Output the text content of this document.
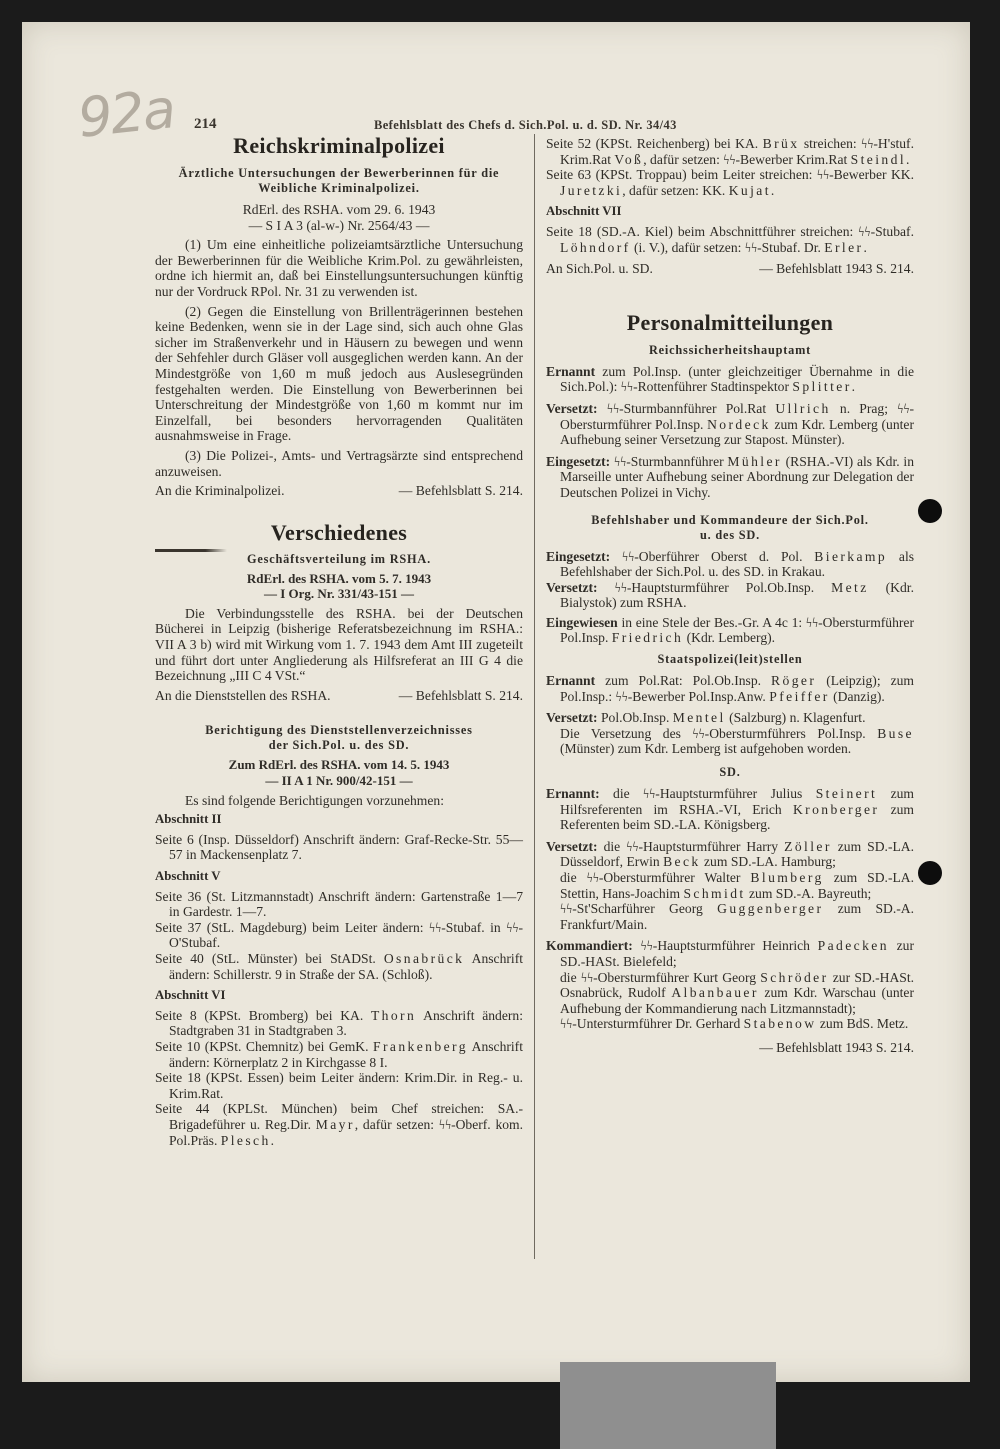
92a 214	Befehlsblatt des Chefs d. Sich.Pol. u. d. SD. Nr. 34/43
Reichskriminalpolizei
Ärztliche Untersuchungen der Bewerberinnen für die
Weibliche Kriminalpolizei.
RdErl. des RSHA. vom 29. 6. 1943
— S I A 3 (al-w-) Nr. 2564/43 —

(1) Um eine einheitliche polizeiamtsärztliche Untersuchung der Bewerberinnen für die Weibliche Krim.Pol. zu gewährleisten, ordne ich hiermit an, daß bei Einstellungsuntersuchungen künftig nur der Vordruck RPol. Nr. 31 zu verwenden ist.

(2) Gegen die Einstellung von Brillenträgerinnen bestehen keine Bedenken, wenn sie in der Lage sind, sich auch ohne Glas sicher im Straßenverkehr und in Häusern zu bewegen und wenn der Sehfehler durch Gläser voll ausgeglichen werden kann. An der Mindestgröße von 1,60 m muß jedoch aus Auslesegründen festgehalten werden. Die Einstellung von Bewerberinnen bei Unterschreitung der Mindestgröße von 1,60 m kommt nur im Einzelfall, bei besonders hervorragenden Qualitäten ausnahmsweise in Frage.

(3) Die Polizei-, Amts- und Vertragsärzte sind entsprechend anzuweisen.

An die Kriminalpolizei.	— Befehlsblatt S. 214.
Verschiedenes
Geschäftsverteilung im RSHA.
RdErl. des RSHA. vom 5. 7. 1943
— I Org. Nr. 331/43-151 —

Die Verbindungsstelle des RSHA. bei der Deutschen Bücherei in Leipzig (bisherige Referatsbezeichnung im RSHA.: VII A 3 b) wird mit Wirkung vom 1. 7. 1943 dem Amt III zugeteilt und führt dort unter Angliederung als Hilfsreferat an III G 4 die Bezeichnung „III C 4 VSt.“

An die Dienststellen des RSHA.	— Befehlsblatt S. 214.
Berichtigung des Dienststellenverzeichnisses
der Sich.Pol. u. des SD.
Zum RdErl. des RSHA. vom 14. 5. 1943
— II A 1 Nr. 900/42-151 —

Es sind folgende Berichtigungen vorzunehmen:

Abschnitt II

Seite 6 (Insp. Düsseldorf) Anschrift ändern: Graf-Recke-Str. 55—57 in Mackensenplatz 7.

Abschnitt V

Seite 36 (St. Litzmannstadt) Anschrift ändern: Gartenstraße 1—7 in Gardestr. 1—7.

Seite 37 (StL. Magdeburg) beim Leiter ändern: ϟϟ-Stubaf. in ϟϟ-O'Stubaf.

Seite 40 (StL. Münster) bei StADSt. Osnabrück Anschrift ändern: Schillerstr. 9 in Straße der SA. (Schloß).

Abschnitt VI

Seite 8 (KPSt. Bromberg) bei KA. Thorn Anschrift ändern: Stadtgraben 31 in Stadtgraben 3.

Seite 10 (KPSt. Chemnitz) bei GemK. Frankenberg Anschrift ändern: Körnerplatz 2 in Kirchgasse 8 I.

Seite 18 (KPSt. Essen) beim Leiter ändern: Krim.Dir. in Reg.- u. Krim.Rat.

Seite 44 (KPLSt. München) beim Chef streichen: SA.-Brigadeführer u. Reg.Dir. Mayr, dafür setzen: ϟϟ-Oberf. kom. Pol.Präs. Plesch.

Seite 52 (KPSt. Reichenberg) bei KA. Brüx streichen: ϟϟ-H'stuf. Krim.Rat Voß, dafür setzen: ϟϟ-Bewerber Krim.Rat Steindl.

Seite 63 (KPSt. Troppau) beim Leiter streichen: ϟϟ-Bewerber KK. Juretzki, dafür setzen: KK. Kujat.

Abschnitt VII

Seite 18 (SD.-A. Kiel) beim Abschnittführer streichen: ϟϟ-Stubaf. Löhndorf (i. V.), dafür setzen: ϟϟ-Stubaf. Dr. Erler.

An Sich.Pol. u. SD.	— Befehlsblatt 1943 S. 214.
Personalmitteilungen
Reichssicherheitshauptamt

Ernannt zum Pol.Insp. (unter gleichzeitiger Übernahme in die Sich.Pol.): ϟϟ-Rottenführer Stadtinspektor Splitter.

Versetzt: ϟϟ-Sturmbannführer Pol.Rat Ullrich n. Prag; ϟϟ-Obersturmführer Pol.Insp. Nordeck zum Kdr. Lemberg (unter Aufhebung seiner Versetzung zur Stapost. Münster).

Eingesetzt: ϟϟ-Sturmbannführer Mühler (RSHA.-VI) als Kdr. in Marseille unter Aufhebung seiner Abordnung zur Delegation der Deutschen Polizei in Vichy.

Befehlshaber und Kommandeure der Sich.Pol.
u. des SD.

Eingesetzt: ϟϟ-Oberführer Oberst d. Pol. Bierkamp als Befehlshaber der Sich.Pol. u. des SD. in Krakau.

Versetzt: ϟϟ-Hauptsturmführer Pol.Ob.Insp. Metz (Kdr. Bialystok) zum RSHA.

Eingewiesen in eine Stele der Bes.-Gr. A 4c 1: ϟϟ-Obersturmführer Pol.Insp. Friedrich (Kdr. Lemberg).

Staatspolizei(leit)stellen

Ernannt zum Pol.Rat: Pol.Ob.Insp. Röger (Leipzig); zum Pol.Insp.: ϟϟ-Bewerber Pol.Insp.Anw. Pfeiffer (Danzig).

Versetzt: Pol.Ob.Insp. Mentel (Salzburg) n. Klagenfurt.

Die Versetzung des ϟϟ-Obersturmführers Pol.Insp. Buse (Münster) zum Kdr. Lemberg ist aufgehoben worden.

SD.

Ernannt: die ϟϟ-Hauptsturmführer Julius Steinert zum Hilfsreferenten im RSHA.-VI, Erich Kronberger zum Referenten beim SD.-LA. Königsberg.

Versetzt: die ϟϟ-Hauptsturmführer Harry Zöller zum SD.-LA. Düsseldorf, Erwin Beck zum SD.-LA. Hamburg;

die ϟϟ-Obersturmführer Walter Blumberg zum SD.-LA. Stettin, Hans-Joachim Schmidt zum SD.-A. Bayreuth;

ϟϟ-St'Scharführer Georg Guggenberger zum SD.-A. Frankfurt/Main.

Kommandiert: ϟϟ-Hauptsturmführer Heinrich Padecken zur SD.-HASt. Bielefeld;

die ϟϟ-Obersturmführer Kurt Georg Schröder zur SD.-HASt. Osnabrück, Rudolf Albanbauer zum Kdr. Warschau (unter Aufhebung der Kommandierung nach Litzmannstadt);

ϟϟ-Untersturmführer Dr. Gerhard Stabenow zum BdS. Metz.

— Befehlsblatt 1943 S. 214.
